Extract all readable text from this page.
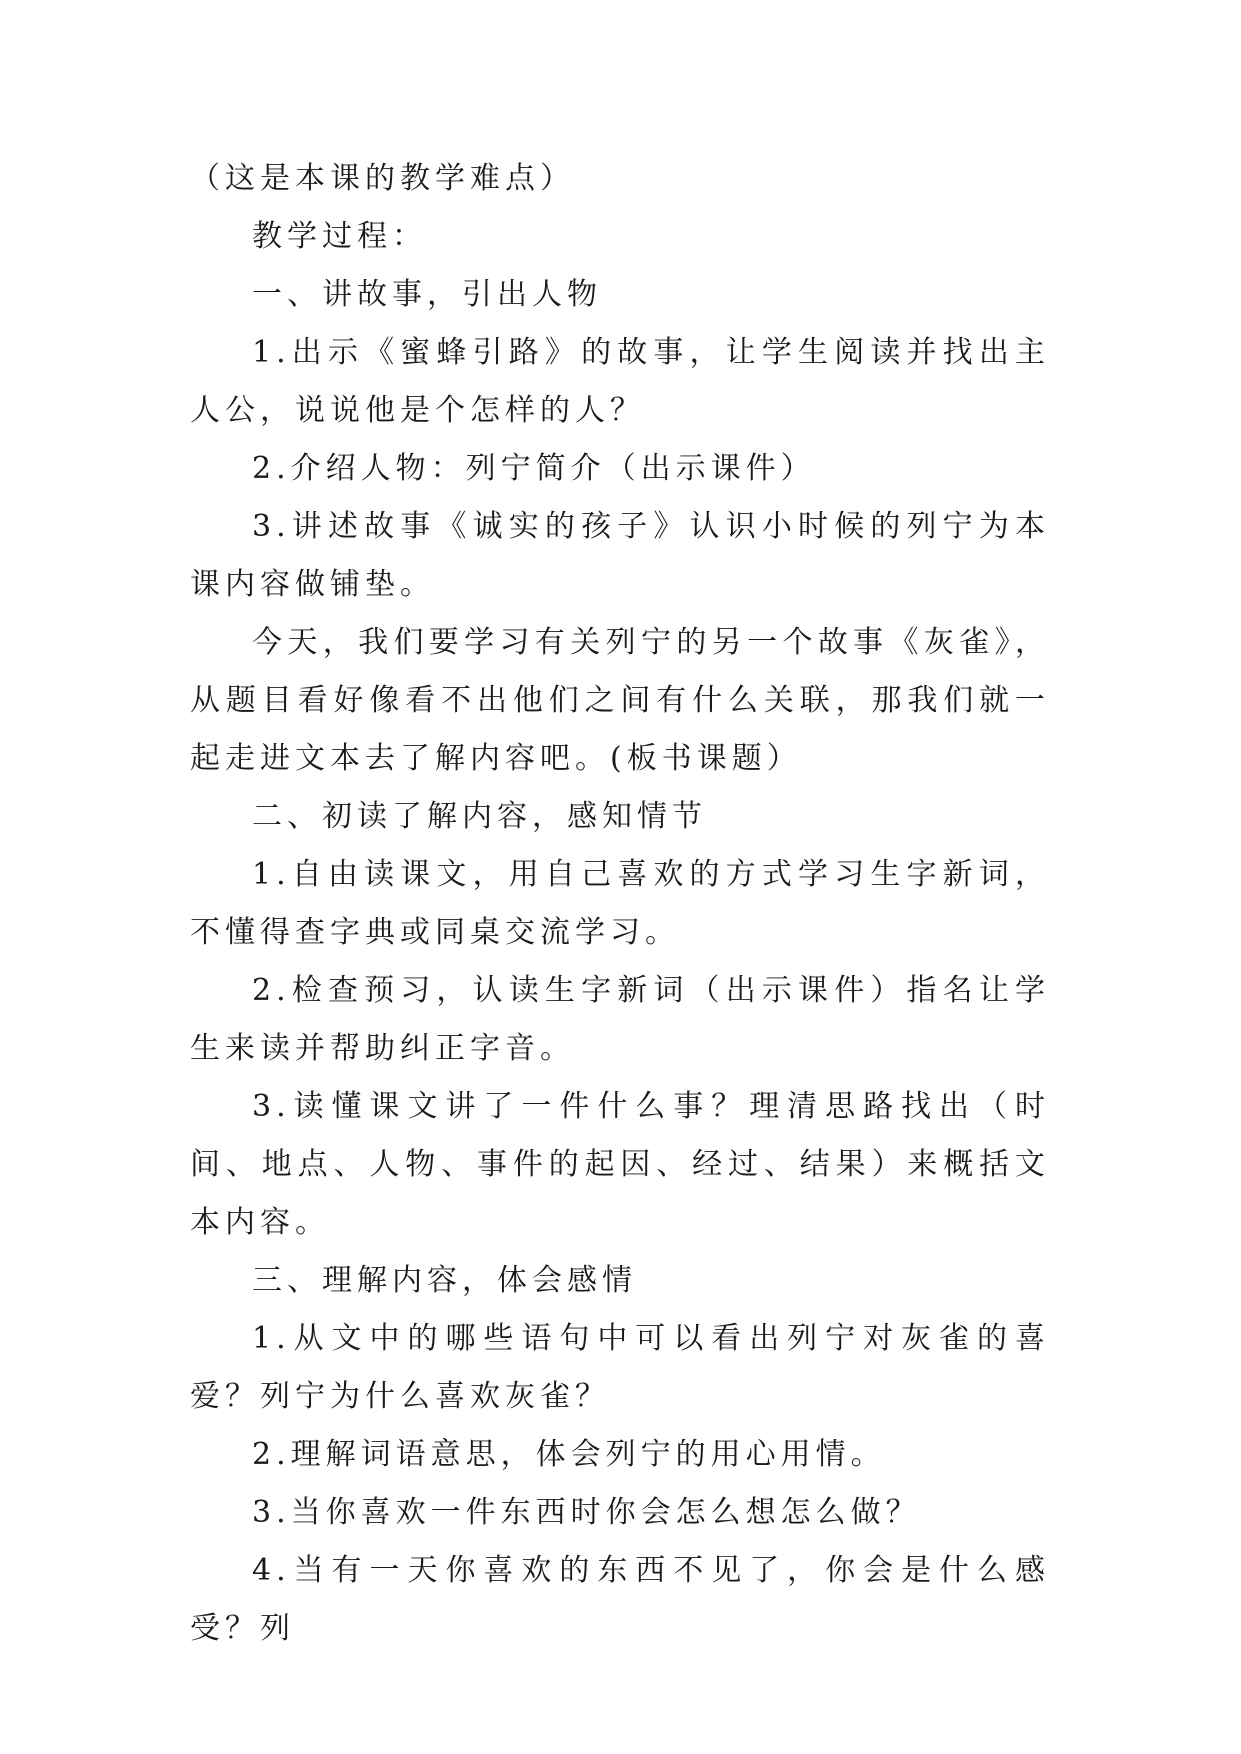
（这是本课的教学难点）

教学过程：

一、讲故事，引出人物

1.出示《蜜蜂引路》的故事，让学生阅读并找出主人公，说说他是个怎样的人？

2.介绍人物：列宁简介（出示课件）

3.讲述故事《诚实的孩子》认识小时候的列宁为本课内容做铺垫。

今天，我们要学习有关列宁的另一个故事《灰雀》，从题目看好像看不出他们之间有什么关联，那我们就一起走进文本去了解内容吧。(板书课题）

二、初读了解内容，感知情节

1.自由读课文，用自己喜欢的方式学习生字新词，不懂得查字典或同桌交流学习。

2.检查预习，认读生字新词（出示课件）指名让学生来读并帮助纠正字音。

3.读懂课文讲了一件什么事？理清思路找出（时间、地点、人物、事件的起因、经过、结果）来概括文本内容。

三、理解内容，体会感情

1.从文中的哪些语句中可以看出列宁对灰雀的喜爱？列宁为什么喜欢灰雀？

2.理解词语意思，体会列宁的用心用情。

3.当你喜欢一件东西时你会怎么想怎么做？

4.当有一天你喜欢的东西不见了，你会是什么感受？列
